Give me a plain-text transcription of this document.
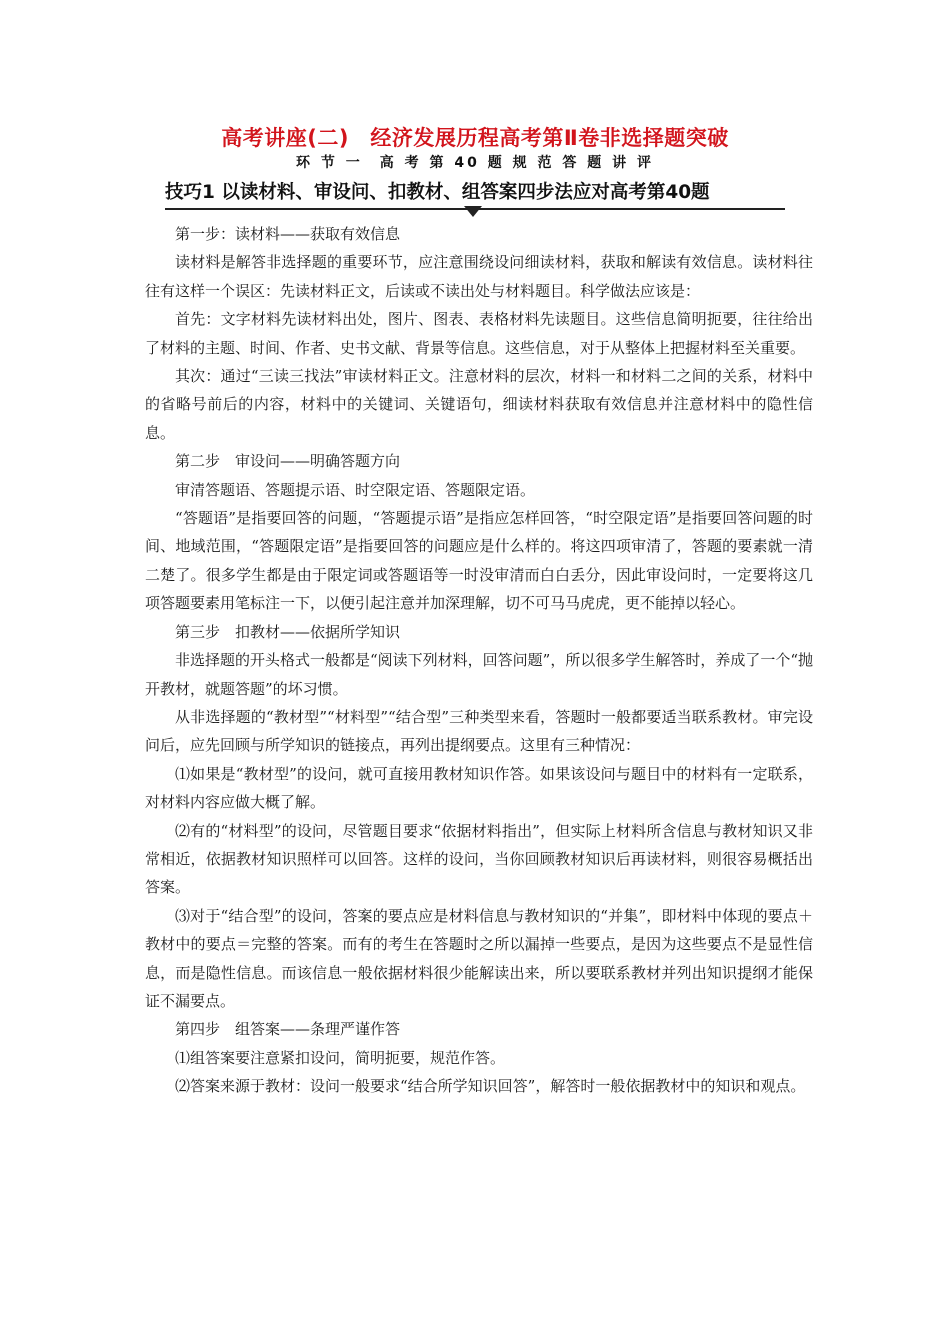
高考讲座(二)　经济发展历程高考第Ⅱ卷非选择题突破
环 节 一　高 考 第 40 题 规 范 答 题 讲 评
技巧1 以读材料、审设问、扣教材、组答案四步法应对高考第40题

第一步：读材料——获取有效信息

读材料是解答非选择题的重要环节，应注意围绕设问细读材料，获取和解读有效信息。读材料往往有这样一个误区：先读材料正文，后读或不读出处与材料题目。科学做法应该是：

首先：文字材料先读材料出处，图片、图表、表格材料先读题目。这些信息简明扼要，往往给出了材料的主题、时间、作者、史书文献、背景等信息。这些信息，对于从整体上把握材料至关重要。

其次：通过“三读三找法”审读材料正文。注意材料的层次，材料一和材料二之间的关系，材料中的省略号前后的内容，材料中的关键词、关键语句，细读材料获取有效信息并注意材料中的隐性信息。

第二步　审设问——明确答题方向

审清答题语、答题提示语、时空限定语、答题限定语。

“答题语”是指要回答的问题，“答题提示语”是指应怎样回答，“时空限定语”是指要回答问题的时间、地域范围，“答题限定语”是指要回答的问题应是什么样的。将这四项审清了，答题的要素就一清二楚了。很多学生都是由于限定词或答题语等一时没审清而白白丢分，因此审设问时，一定要将这几项答题要素用笔标注一下，以便引起注意并加深理解，切不可马马虎虎，更不能掉以轻心。

第三步　扣教材——依据所学知识

非选择题的开头格式一般都是“阅读下列材料，回答问题”，所以很多学生解答时，养成了一个“抛开教材，就题答题”的坏习惯。

从非选择题的“教材型”“材料型”“结合型”三种类型来看，答题时一般都要适当联系教材。审完设问后，应先回顾与所学知识的链接点，再列出提纲要点。这里有三种情况：

⑴如果是“教材型”的设问，就可直接用教材知识作答。如果该设问与题目中的材料有一定联系，对材料内容应做大概了解。

⑵有的“材料型”的设问，尽管题目要求“依据材料指出”，但实际上材料所含信息与教材知识又非常相近，依据教材知识照样可以回答。这样的设问，当你回顾教材知识后再读材料，则很容易概括出答案。

⑶对于“结合型”的设问，答案的要点应是材料信息与教材知识的“并集”，即材料中体现的要点＋教材中的要点＝完整的答案。而有的考生在答题时之所以漏掉一些要点，是因为这些要点不是显性信息，而是隐性信息。而该信息一般依据材料很少能解读出来，所以要联系教材并列出知识提纲才能保证不漏要点。

第四步　组答案——条理严谨作答

⑴组答案要注意紧扣设问，简明扼要，规范作答。

⑵答案来源于教材：设问一般要求“结合所学知识回答”，解答时一般依据教材中的知识和观点。
